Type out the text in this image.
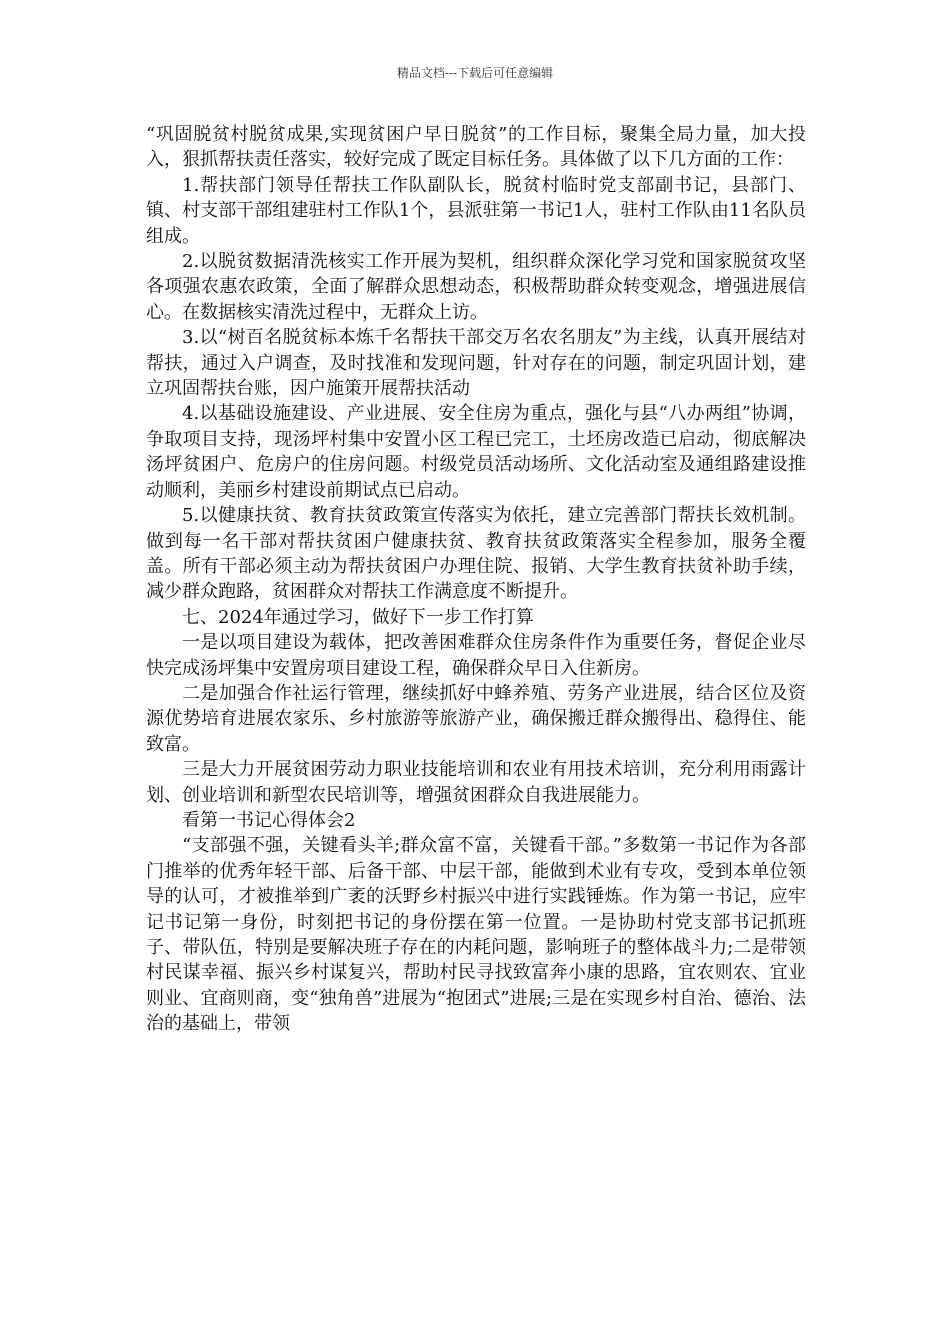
精品文档---下载后可任意编辑

“巩固脱贫村脱贫成果,实现贫困户早日脱贫”的工作目标，聚集全局力量，加大投入，狠抓帮扶责任落实，较好完成了既定目标任务。具体做了以下几方面的工作：

1.帮扶部门领导任帮扶工作队副队长，脱贫村临时党支部副书记，县部门、镇、村支部干部组建驻村工作队1个，县派驻第一书记1人，驻村工作队由11名队员组成。

2.以脱贫数据清洗核实工作开展为契机，组织群众深化学习党和国家脱贫攻坚各项强农惠农政策，全面了解群众思想动态，积极帮助群众转变观念，增强进展信心。在数据核实清洗过程中，无群众上访。

3.以“树百名脱贫标本炼千名帮扶干部交万名农名朋友”为主线，认真开展结对帮扶，通过入户调查，及时找准和发现问题，针对存在的问题，制定巩固计划，建立巩固帮扶台账，因户施策开展帮扶活动

4.以基础设施建设、产业进展、安全住房为重点，强化与县“八办两组”协调，争取项目支持，现汤坪村集中安置小区工程已完工，土坯房改造已启动，彻底解决汤坪贫困户、危房户的住房问题。村级党员活动场所、文化活动室及通组路建设推动顺利，美丽乡村建设前期试点已启动。

5.以健康扶贫、教育扶贫政策宣传落实为依托，建立完善部门帮扶长效机制。做到每一名干部对帮扶贫困户健康扶贫、教育扶贫政策落实全程参加，服务全覆盖。所有干部必须主动为帮扶贫困户办理住院、报销、大学生教育扶贫补助手续，减少群众跑路，贫困群众对帮扶工作满意度不断提升。

七、2024年通过学习，做好下一步工作打算

一是以项目建设为载体，把改善困难群众住房条件作为重要任务，督促企业尽快完成汤坪集中安置房项目建设工程，确保群众早日入住新房。

二是加强合作社运行管理，继续抓好中蜂养殖、劳务产业进展，结合区位及资源优势培育进展农家乐、乡村旅游等旅游产业，确保搬迁群众搬得出、稳得住、能致富。

三是大力开展贫困劳动力职业技能培训和农业有用技术培训，充分利用雨露计划、创业培训和新型农民培训等，增强贫困群众自我进展能力。

看第一书记心得体会2

“支部强不强，关键看头羊;群众富不富，关键看干部。”多数第一书记作为各部门推举的优秀年轻干部、后备干部、中层干部，能做到术业有专攻，受到本单位领导的认可，才被推举到广袤的沃野乡村振兴中进行实践锤炼。作为第一书记，应牢记书记第一身份，时刻把书记的身份摆在第一位置。一是协助村党支部书记抓班子、带队伍，特别是要解决班子存在的内耗问题，影响班子的整体战斗力;二是带领村民谋幸福、振兴乡村谋复兴，帮助村民寻找致富奔小康的思路，宜农则农、宜业则业、宜商则商，变“独角兽”进展为“抱团式”进展;三是在实现乡村自治、德治、法治的基础上，带领
